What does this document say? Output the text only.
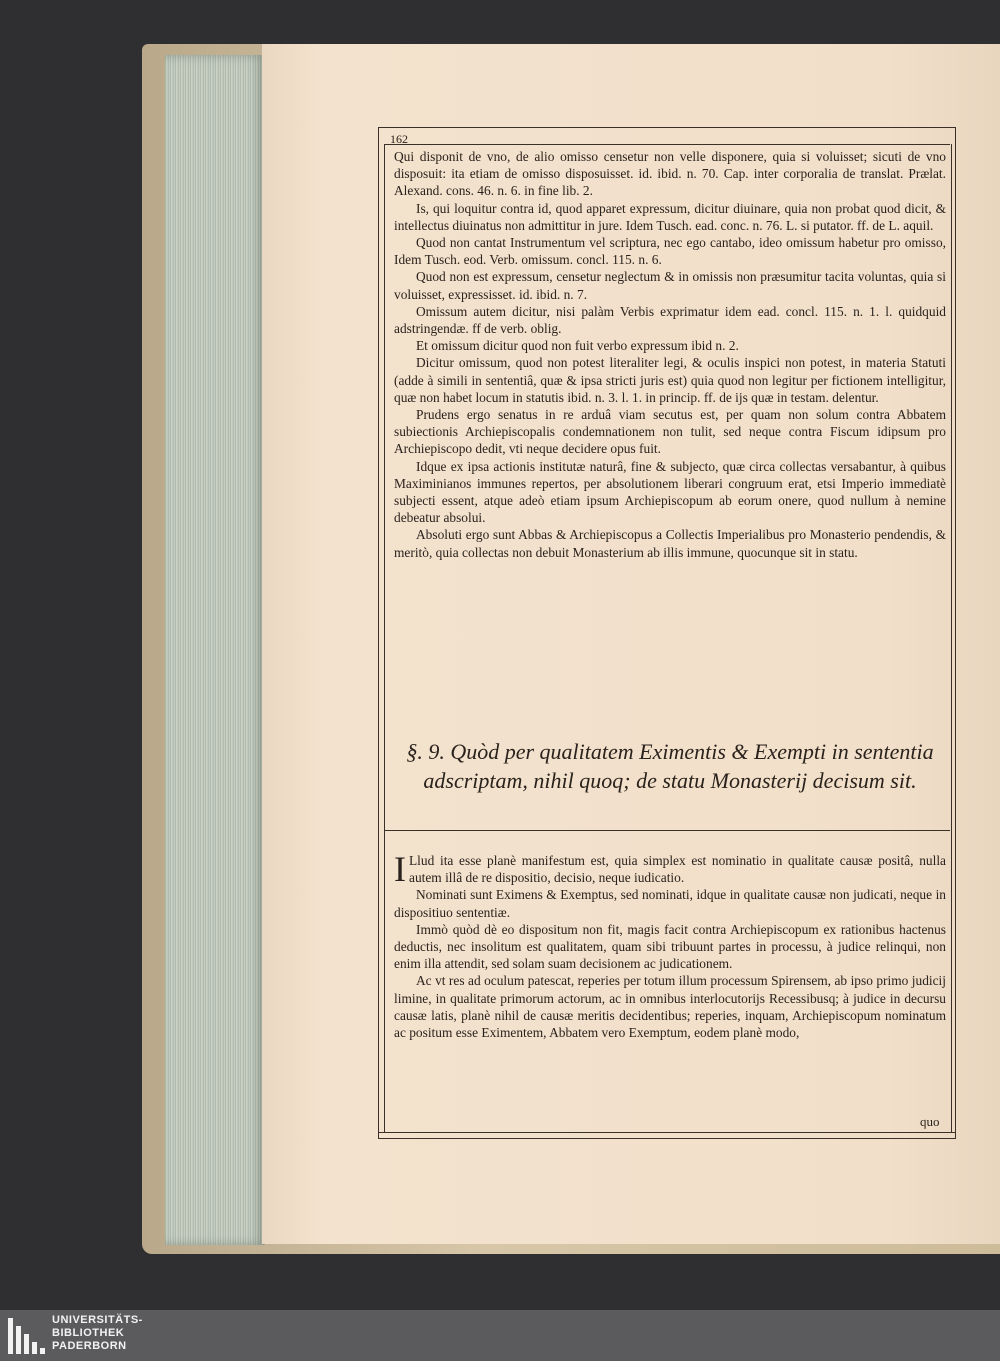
162

Qui disponit de vno, de alio omisso censetur non velle disponere, quia si voluisset; sicuti de vno disposuit: ita etiam de omisso disposuisset. id. ibid. n. 70. Cap. inter corporalia de translat. Prælat. Alexand. cons. 46. n. 6. in fine lib. 2.

Is, qui loquitur contra id, quod apparet expressum, dicitur diuinare, quia non probat quod dicit, & intellectus diuinatus non admittitur in jure. Idem Tusch. ead. conc. n. 76. L. si putator. ff. de L. aquil.

Quod non cantat Instrumentum vel scriptura, nec ego cantabo, ideo omissum habetur pro omisso, Idem Tusch. eod. Verb. omissum. concl. 115. n. 6.

Quod non est expressum, censetur neglectum & in omissis non præsumitur tacita voluntas, quia si voluisset, expressisset. id. ibid. n. 7.

Omissum autem dicitur, nisi palàm Verbis exprimatur idem ead. concl. 115. n. 1. l. quidquid adstringendæ. ff de verb. oblig.

Et omissum dicitur quod non fuit verbo expressum ibid n. 2.

Dicitur omissum, quod non potest literaliter legi, & oculis inspici non potest, in materia Statuti (adde à simili in sententiâ, quæ & ipsa stricti juris est) quia quod non legitur per fictionem intelligitur, quæ non habet locum in statutis ibid. n. 3. l. 1. in princip. ff. de ijs quæ in testam. delentur.

Prudens ergo senatus in re arduâ viam secutus est, per quam non solum contra Abbatem subiectionis Archiepiscopalis condemnationem non tulit, sed neque contra Fiscum idipsum pro Archiepiscopo dedit, vti neque decidere opus fuit.

Idque ex ipsa actionis institutæ naturâ, fine & subjecto, quæ circa collectas versabantur, à quibus Maximinianos immunes repertos, per absolutionem liberari congruum erat, etsi Imperio immediatè subjecti essent, atque adeò etiam ipsum Archiepiscopum ab eorum onere, quod nullum à nemine debeatur absolui.

Absoluti ergo sunt Abbas & Archiepiscopus a Collectis Imperialibus pro Monasterio pendendis, & meritò, quia collectas non debuit Monasterium ab illis immune, quocunque sit in statu.

§. 9. Quòd per qualitatem Eximentis & Exempti in sententia adscriptam, nihil quoq; de statu Monasterij decisum sit.

I Llud ita esse planè manifestum est, quia simplex est nominatio in qualitate causæ positâ, nulla autem illâ de re dispositio, decisio, neque iudicatio.

Nominati sunt Eximens & Exemptus, sed nominati, idque in qualitate causæ non judicati, neque in dispositiuo sententiæ.

Immò quòd dè eo dispositum non fit, magis facit contra Archiepiscopum ex rationibus hactenus deductis, nec insolitum est qualitatem, quam sibi tribuunt partes in processu, à judice relinqui, non enim illa attendit, sed solam suam decisionem ac judicationem.

Ac vt res ad oculum patescat, reperies per totum illum processum Spirensem, ab ipso primo judicij limine, in qualitate primorum actorum, ac in omnibus interlocutorijs Recessibusq; à judice in decursu causæ latis, planè nihil de causæ meritis decidentibus; reperies, inquam, Archiepiscopum nominatum ac positum esse Eximentem, Abbatem vero Exemptum, eodem planè modo,

quo
UNIVERSITÄTS-
BIBLIOTHEK
PADERBORN
